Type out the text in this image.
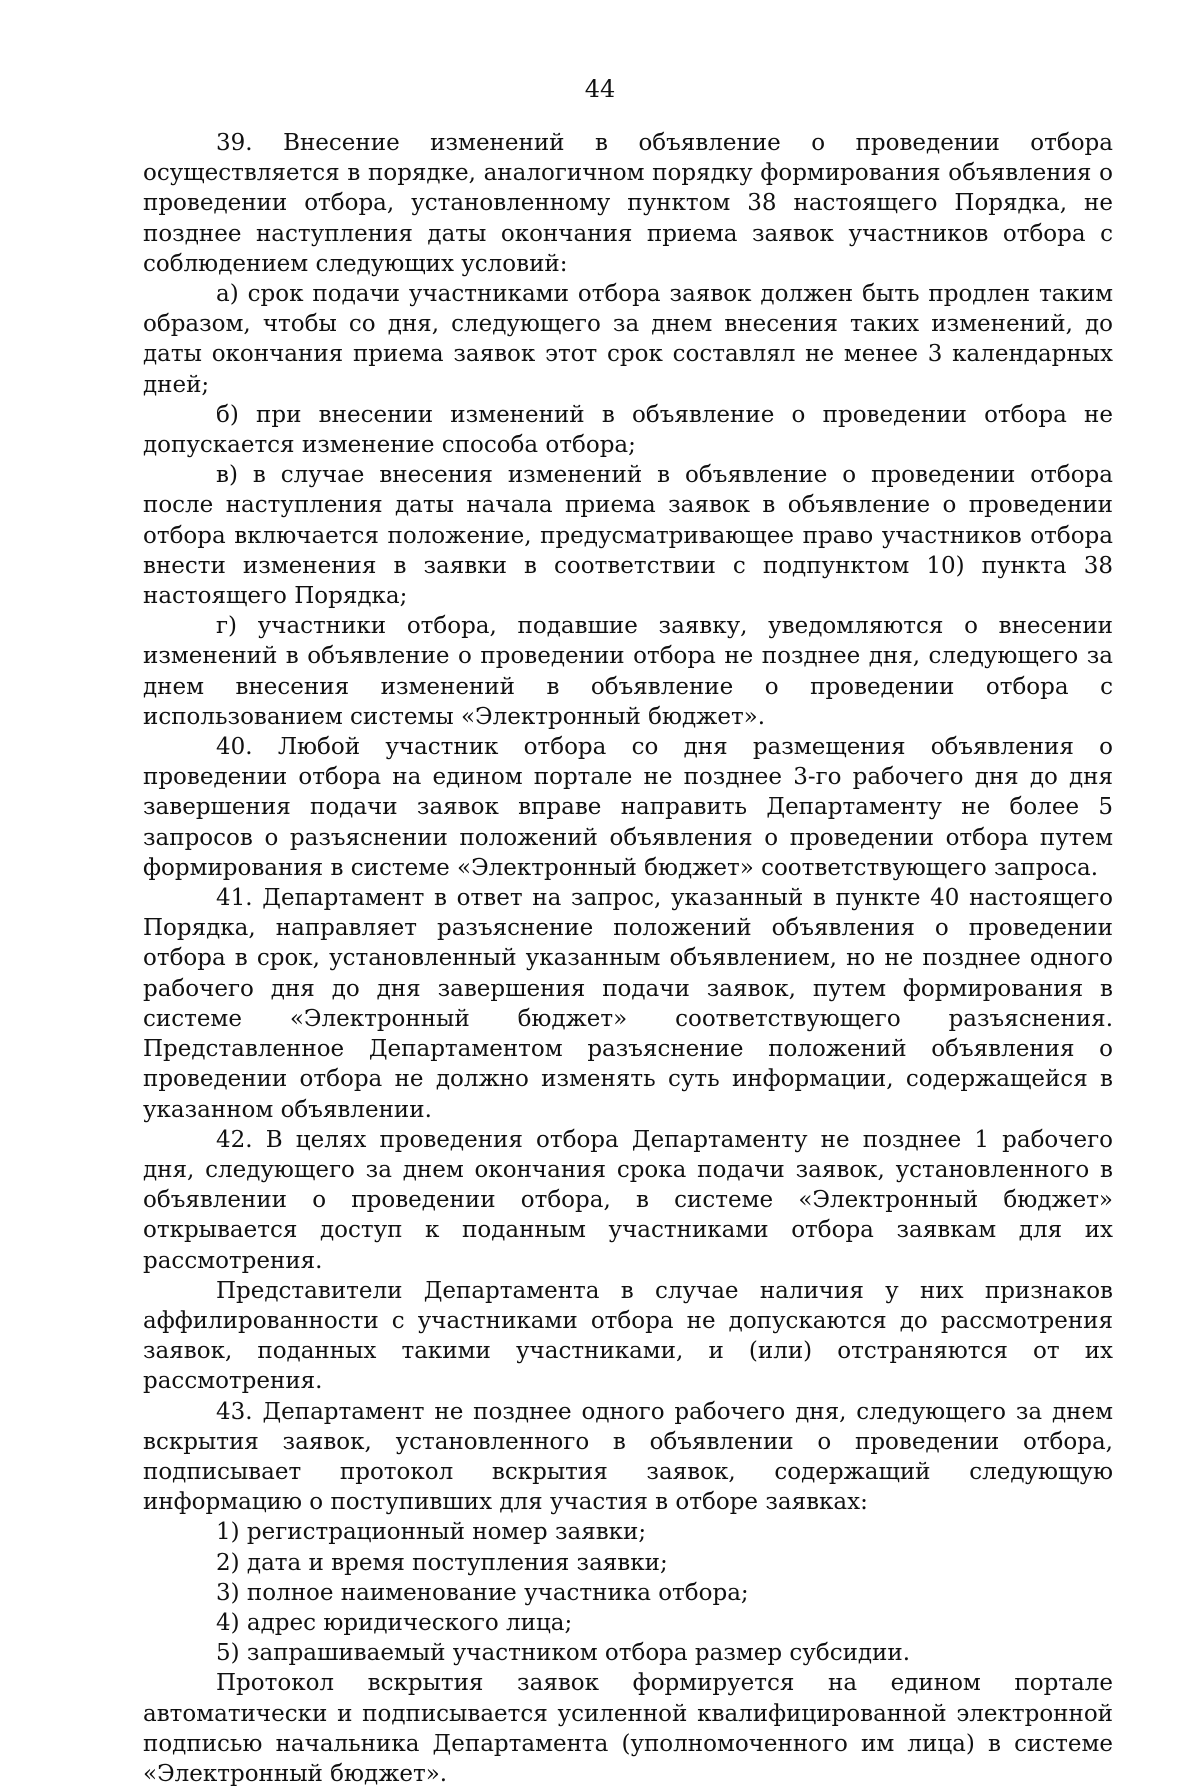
44

39. Внесение изменений в объявление о проведении отбора осуществляется в порядке, аналогичном порядку формирования объявления о проведении отбора, установленному пунктом 38 настоящего Порядка, не позднее наступления даты окончания приема заявок участников отбора с соблюдением следующих условий:

а) срок подачи участниками отбора заявок должен быть продлен таким образом, чтобы со дня, следующего за днем внесения таких изменений, до даты окончания приема заявок этот срок составлял не менее 3 календарных дней;

б) при внесении изменений в объявление о проведении отбора не допускается изменение способа отбора;

в) в случае внесения изменений в объявление о проведении отбора после наступления даты начала приема заявок в объявление о проведении отбора включается положение, предусматривающее право участников отбора внести изменения в заявки в соответствии с подпунктом 10) пункта 38 настоящего Порядка;

г) участники отбора, подавшие заявку, уведомляются о внесении изменений в объявление о проведении отбора не позднее дня, следующего за днем внесения изменений в объявление о проведении отбора с использованием системы «Электронный бюджет».

40. Любой участник отбора со дня размещения объявления о проведении отбора на едином портале не позднее 3-го рабочего дня до дня завершения подачи заявок вправе направить Департаменту не более 5 запросов о разъяснении положений объявления о проведении отбора путем формирования в системе «Электронный бюджет» соответствующего запроса.

41. Департамент в ответ на запрос, указанный в пункте 40 настоящего Порядка, направляет разъяснение положений объявления о проведении отбора в срок, установленный указанным объявлением, но не позднее одного рабочего дня до дня завершения подачи заявок, путем формирования в системе «Электронный бюджет» соответствующего разъяснения. Представленное Департаментом разъяснение положений объявления о проведении отбора не должно изменять суть информации, содержащейся в указанном объявлении.

42. В целях проведения отбора Департаменту не позднее 1 рабочего дня, следующего за днем окончания срока подачи заявок, установленного в объявлении о проведении отбора, в системе «Электронный бюджет» открывается доступ к поданным участниками отбора заявкам для их рассмотрения.

Представители Департамента в случае наличия у них признаков аффилированности с участниками отбора не допускаются до рассмотрения заявок, поданных такими участниками, и (или) отстраняются от их рассмотрения.

43. Департамент не позднее одного рабочего дня, следующего за днем вскрытия заявок, установленного в объявлении о проведении отбора, подписывает протокол вскрытия заявок, содержащий следующую информацию о поступивших для участия в отборе заявках:

1) регистрационный номер заявки;

2) дата и время поступления заявки;

3) полное наименование участника отбора;

4) адрес юридического лица;

5) запрашиваемый участником отбора размер субсидии.

Протокол вскрытия заявок формируется на едином портале автоматически и подписывается усиленной квалифицированной электронной подписью начальника Департамента (уполномоченного им лица) в системе «Электронный бюджет».
